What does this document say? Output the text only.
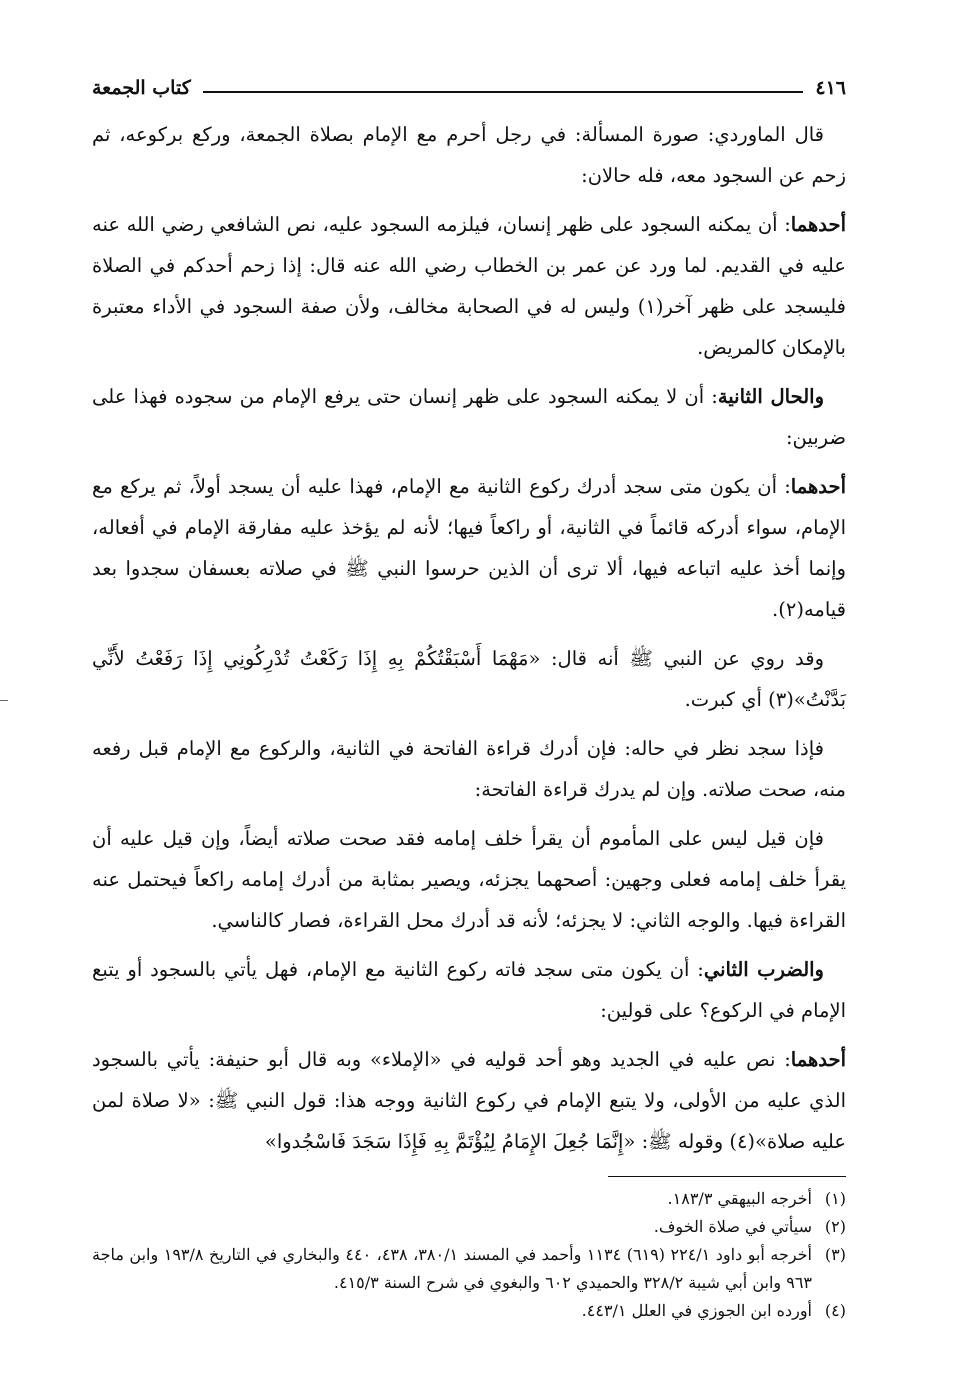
٤١٦
كتاب الجمعة

قال الماوردي: صورة المسألة: في رجل أحرم مع الإمام بصلاة الجمعة، وركع بركوعه، ثم زحم عن السجود معه، فله حالان:

أحدهما: أن يمكنه السجود على ظهر إنسان، فيلزمه السجود عليه، نص الشافعي رضي الله عنه عليه في القديم. لما ورد عن عمر بن الخطاب رضي الله عنه قال: إذا زحم أحدكم في الصلاة فليسجد على ظهر آخر(١) وليس له في الصحابة مخالف، ولأن صفة السجود في الأداء معتبرة بالإمكان كالمريض.

والحال الثانية: أن لا يمكنه السجود على ظهر إنسان حتى يرفع الإمام من سجوده فهذا على ضربين:

أحدهما: أن يكون متى سجد أدرك ركوع الثانية مع الإمام، فهذا عليه أن يسجد أولاً، ثم يركع مع الإمام، سواء أدركه قائماً في الثانية، أو راكعاً فيها؛ لأنه لم يؤخذ عليه مفارقة الإمام في أفعاله، وإنما أخذ عليه اتباعه فيها، ألا ترى أن الذين حرسوا النبي ﷺ في صلاته بعسفان سجدوا بعد قيامه(٢).

وقد روي عن النبي ﷺ أنه قال: «مَهْمَا أَسْبَقْتُكُمْ بِهِ إِذَا رَكَعْتُ تُدْرِكُونِي إِذَا رَفَعْتُ لأَنِّي بَدَّنْتُ»(٣) أي كبرت.

فإذا سجد نظر في حاله: فإن أدرك قراءة الفاتحة في الثانية، والركوع مع الإمام قبل رفعه منه، صحت صلاته. وإن لم يدرك قراءة الفاتحة:

فإن قيل ليس على المأموم أن يقرأ خلف إمامه فقد صحت صلاته أيضاً، وإن قيل عليه أن يقرأ خلف إمامه فعلى وجهين: أصحهما يجزئه، ويصير بمثابة من أدرك إمامه راكعاً فيحتمل عنه القراءة فيها. والوجه الثاني: لا يجزئه؛ لأنه قد أدرك محل القراءة، فصار كالناسي.

والضرب الثاني: أن يكون متى سجد فاته ركوع الثانية مع الإمام، فهل يأتي بالسجود أو يتبع الإمام في الركوع؟ على قولين:

أحدهما: نص عليه في الجديد وهو أحد قوليه في «الإملاء» وبه قال أبو حنيفة: يأتي بالسجود الذي عليه من الأولى، ولا يتبع الإمام في ركوع الثانية ووجه هذا: قول النبي ﷺ: «لا صلاة لمن عليه صلاة»(٤) وقوله ﷺ: «إِنَّمَا جُعِلَ الإِمَامُ لِيُؤْتَمَّ بِهِ فَإِذَا سَجَدَ فَاسْجُدوا»

(١)
أخرجه البيهقي ١٨٣/٣.
(٢)
سيأتي في صلاة الخوف.
(٣)
أخرجه أبو داود ٢٢٤/١ (٦١٩) ١١٣٤ وأحمد في المسند ٣٨٠/١، ٤٣٨، ٤٤٠ والبخاري في التاريخ ١٩٣/٨ وابن ماجة ٩٦٣ وابن أبي شيبة ٣٢٨/٢ والحميدي ٦٠٢ والبغوي في شرح السنة ٤١٥/٣.
(٤)
أورده ابن الجوزي في العلل ٤٤٣/١.
